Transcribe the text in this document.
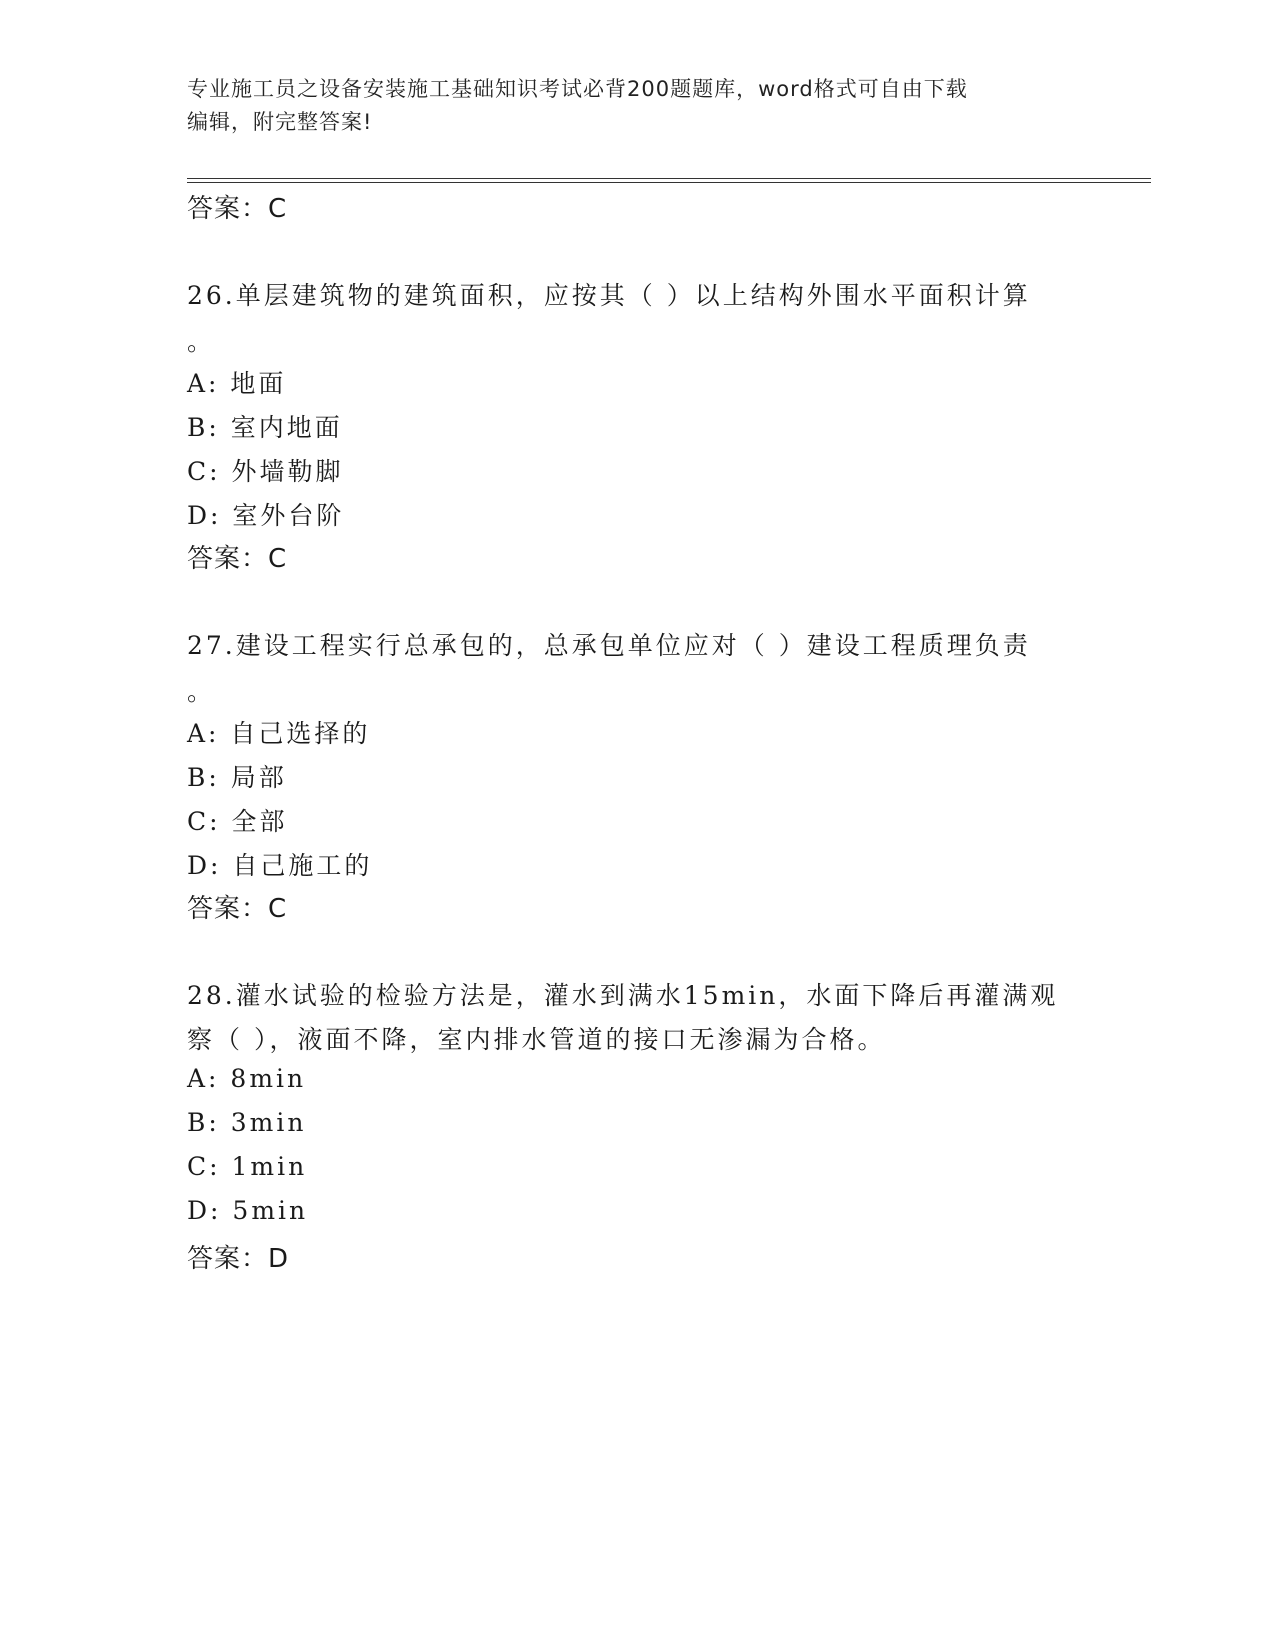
专业施工员之设备安装施工基础知识考试必背200题题库，word格式可自由下载
编辑，附完整答案!
答案：C
26.单层建筑物的建筑面积，应按其（ ）以上结构外围水平面积计算
。
A: 地面
B: 室内地面
C: 外墙勒脚
D: 室外台阶
答案：C
27.建设工程实行总承包的，总承包单位应对（ ）建设工程质理负责
。
A: 自己选择的
B: 局部
C: 全部
D: 自己施工的
答案：C
28.灌水试验的检验方法是，灌水到满水15min，水面下降后再灌满观
察（ ），液面不降，室内排水管道的接口无渗漏为合格。
A: 8min
B: 3min
C: 1min
D: 5min
答案：D
